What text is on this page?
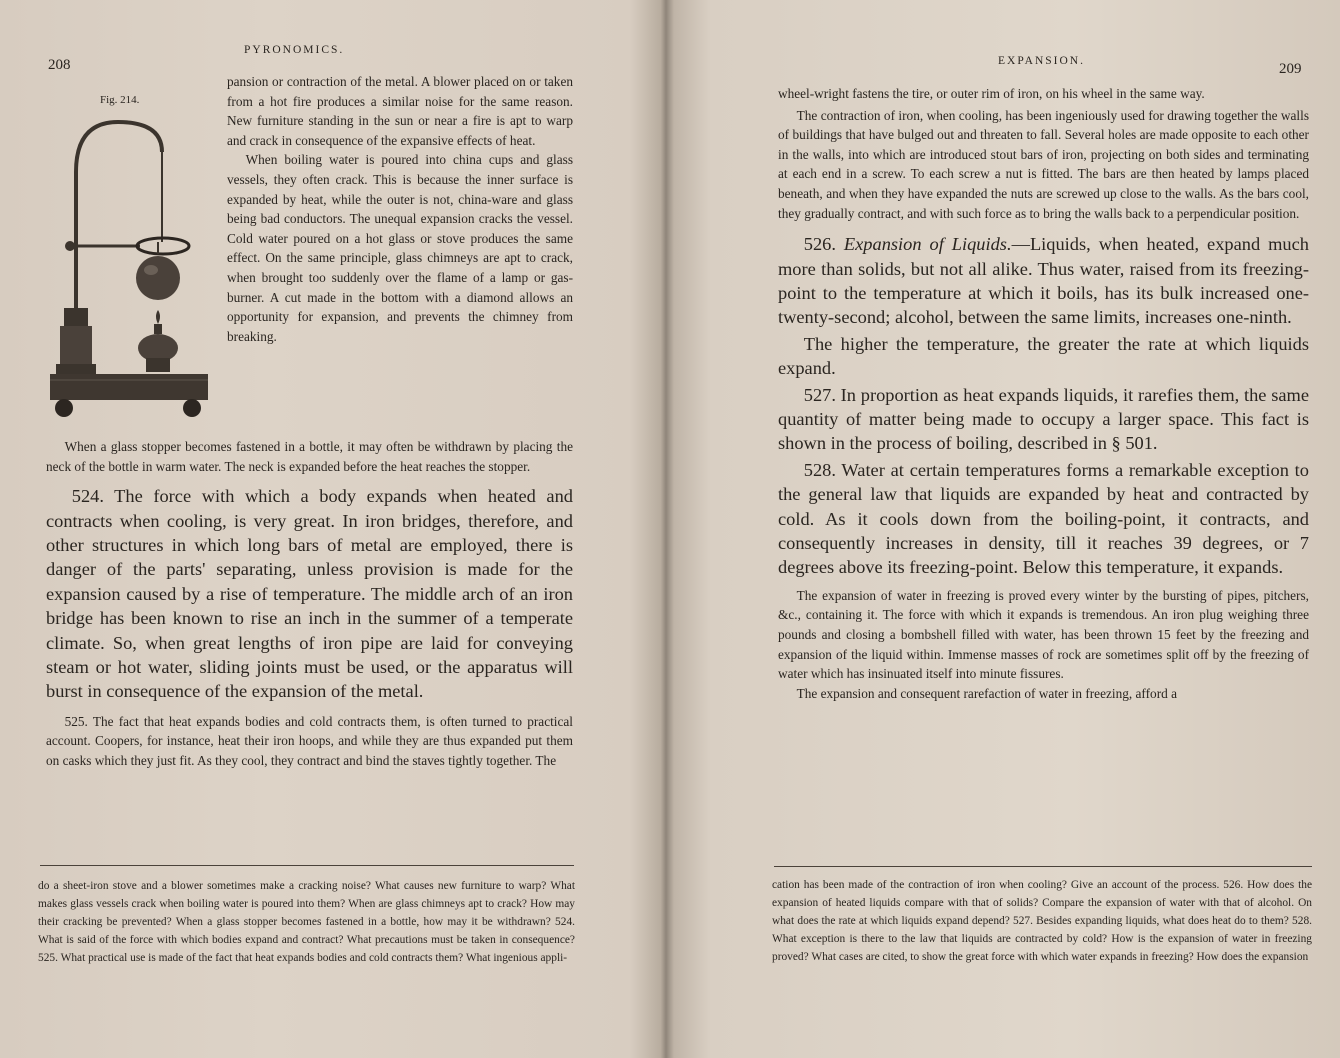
208
PYRONOMICS.
Fig. 214.

pansion or contraction of the metal. A blower placed on or taken from a hot fire produces a similar noise for the same reason. New furniture standing in the sun or near a fire is apt to warp and crack in consequence of the expansive effects of heat.

When boiling water is poured into china cups and glass vessels, they often crack. This is because the inner surface is expanded by heat, while the outer is not, china-ware and glass being bad conductors. The unequal expansion cracks the vessel. Cold water poured on a hot glass or stove produces the same effect. On the same principle, glass chimneys are apt to crack, when brought too suddenly over the flame of a lamp or gas-burner. A cut made in the bottom with a diamond allows an opportunity for expansion, and prevents the chimney from breaking.

When a glass stopper becomes fastened in a bottle, it may often be withdrawn by placing the neck of the bottle in warm water. The neck is expanded before the heat reaches the stopper.

524. The force with which a body expands when heated and contracts when cooling, is very great. In iron bridges, therefore, and other structures in which long bars of metal are employed, there is danger of the parts' separating, unless provision is made for the expansion caused by a rise of temperature. The middle arch of an iron bridge has been known to rise an inch in the summer of a temperate climate. So, when great lengths of iron pipe are laid for conveying steam or hot water, sliding joints must be used, or the apparatus will burst in consequence of the expansion of the metal.

525. The fact that heat expands bodies and cold contracts them, is often turned to practical account. Coopers, for instance, heat their iron hoops, and while they are thus expanded put them on casks which they just fit. As they cool, they contract and bind the staves tightly together. The

do a sheet-iron stove and a blower sometimes make a cracking noise? What causes new furniture to warp? What makes glass vessels crack when boiling water is poured into them? When are glass chimneys apt to crack? How may their cracking be prevented? When a glass stopper becomes fastened in a bottle, how may it be withdrawn? 524. What is said of the force with which bodies expand and contract? What precautions must be taken in consequence? 525. What practical use is made of the fact that heat expands bodies and cold contracts them? What ingenious appli-

EXPANSION.	209

wheel-wright fastens the tire, or outer rim of iron, on his wheel in the same way.

The contraction of iron, when cooling, has been ingeniously used for drawing together the walls of buildings that have bulged out and threaten to fall. Several holes are made opposite to each other in the walls, into which are introduced stout bars of iron, projecting on both sides and terminating at each end in a screw. To each screw a nut is fitted. The bars are then heated by lamps placed beneath, and when they have expanded the nuts are screwed up close to the walls. As the bars cool, they gradually contract, and with such force as to bring the walls back to a perpendicular position.

526. Expansion of Liquids.—Liquids, when heated, expand much more than solids, but not all alike. Thus water, raised from its freezing-point to the temperature at which it boils, has its bulk increased one-twenty-second; alcohol, between the same limits, increases one-ninth.

The higher the temperature, the greater the rate at which liquids expand.

527. In proportion as heat expands liquids, it rarefies them, the same quantity of matter being made to occupy a larger space. This fact is shown in the process of boiling, described in § 501.

528. Water at certain temperatures forms a remarkable exception to the general law that liquids are expanded by heat and contracted by cold. As it cools down from the boiling-point, it contracts, and consequently increases in density, till it reaches 39 degrees, or 7 degrees above its freezing-point. Below this temperature, it expands.

The expansion of water in freezing is proved every winter by the bursting of pipes, pitchers, &c., containing it. The force with which it expands is tremendous. An iron plug weighing three pounds and closing a bombshell filled with water, has been thrown 15 feet by the freezing and expansion of the liquid within. Immense masses of rock are sometimes split off by the freezing of water which has insinuated itself into minute fissures.

The expansion and consequent rarefaction of water in freezing, afford a

cation has been made of the contraction of iron when cooling? Give an account of the process. 526. How does the expansion of heated liquids compare with that of solids? Compare the expansion of water with that of alcohol. On what does the rate at which liquids expand depend? 527. Besides expanding liquids, what does heat do to them? 528. What exception is there to the law that liquids are contracted by cold? How is the expansion of water in freezing proved? What cases are cited, to show the great force with which water expands in freezing? How does the expansion
